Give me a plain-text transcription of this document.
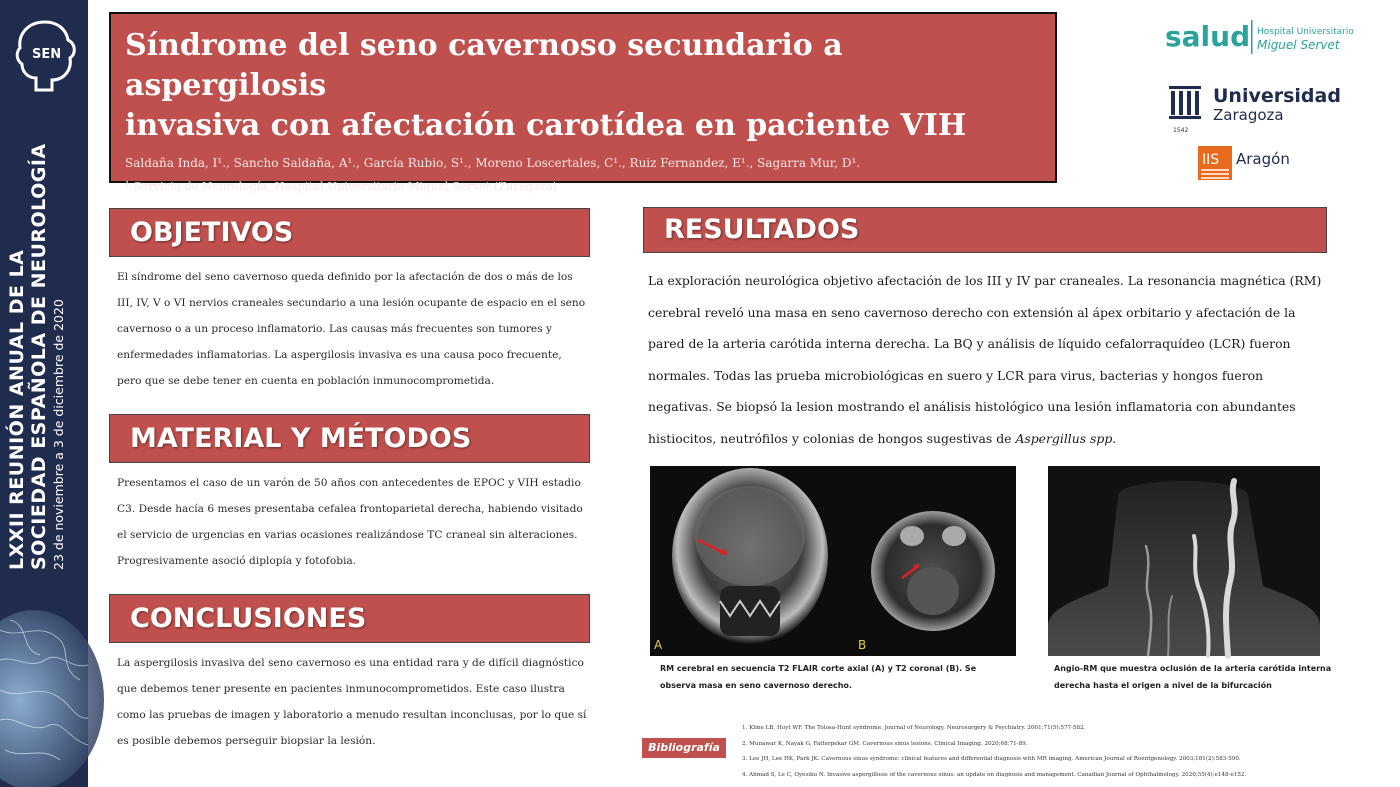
SEN
LXXII REUNIÓN ANUAL DE LA SOCIEDAD ESPAÑOLA DE NEUROLOGÍA 23 de noviembre a 3 de diciembre de 2020
Síndrome del seno cavernoso secundario a aspergilosis
invasiva con afectación carotídea en paciente VIH
Saldaña Inda, I¹., Sancho Saldaña, A¹., García Rubio, S¹., Moreno Loscertales, C¹., Ruiz Fernandez, E¹., Sagarra Mur, D¹.
¹ Servicio de Neurología, Hospital Universitario Miguel Servet (Zaragoza)
salud Hospital Universitario
Miguel Servet
1542
Universidad
Zaragoza
IIS Aragón
OBJETIVOS
El síndrome del seno cavernoso queda definido por la afectación de dos o más de los III, IV, V o VI nervios craneales secundario a una lesión ocupante de espacio en el seno cavernoso o a un proceso inflamatorio. Las causas más frecuentes son tumores y enfermedades inflamatorias. La aspergilosis invasiva es una causa poco frecuente, pero que se debe tener en cuenta en población inmunocomprometida.
MATERIAL Y MÉTODOS
Presentamos el caso de un varón de 50 años con antecedentes de EPOC y VIH estadio C3. Desde hacía 6 meses presentaba cefalea frontoparietal derecha, habiendo visitado el servicio de urgencias en varias ocasiones realizándose TC craneal sin alteraciones. Progresivamente asoció diplopía y fotofobia.
CONCLUSIONES
La aspergilosis invasiva del seno cavernoso es una entidad rara y de difícil diagnóstico que debemos tener presente en pacientes inmunocomprometidos. Este caso ilustra como las pruebas de imagen y laboratorio a menudo resultan inconclusas, por lo que sí es posible debemos perseguir biopsiar la lesión.
RESULTADOS
La exploración neurológica objetivo afectación de los III y IV par craneales. La resonancia magnética (RM) cerebral reveló una masa en seno cavernoso derecho con extensión al ápex orbitario y afectación de la pared de la arteria carótida interna derecha. La BQ y análisis de líquido cefalorraquídeo (LCR) fueron normales. Todas las prueba microbiológicas en suero y LCR para virus, bacterias y hongos fueron negativas. Se biopsó la lesion mostrando el análisis histológico una lesión inflamatoria con abundantes histiocitos, neutrófilos y colonias de hongos sugestivas de Aspergillus spp.
A	B
RM cerebral en secuencia T2 FLAIR corte axial (A) y T2 coronal (B). Se observa masa en seno cavernoso derecho.
Angio-RM que muestra oclusión de la arteria carótida interna derecha hasta el origen a nivel de la bifurcación
Bibliografía
1. Kline LB, Hoyt WF. The Tolosa-Hunt syndrome. Journal of Neurology, Neurosurgery & Psychiatry. 2001;71(5):577-582.
2. Munawar K, Nayak G, Fatterpekar GM. Cavernous sinus lesions. Clinical Imaging. 2020;68:71-89.
3. Lee JH, Lee HK, Park JK. Cavernous sinus syndrome: clinical features and differential diagnosis with MR imaging. American Journal of Roentgenology. 2003;181(2):583-590.
4. Ahmad S, Le C, Oyesiku N. Invasive aspergillosis of the cavernous sinus: an update on diagnosis and management. Canadian Journal of Ophthalmology. 2020;55(4):e148-e152.
